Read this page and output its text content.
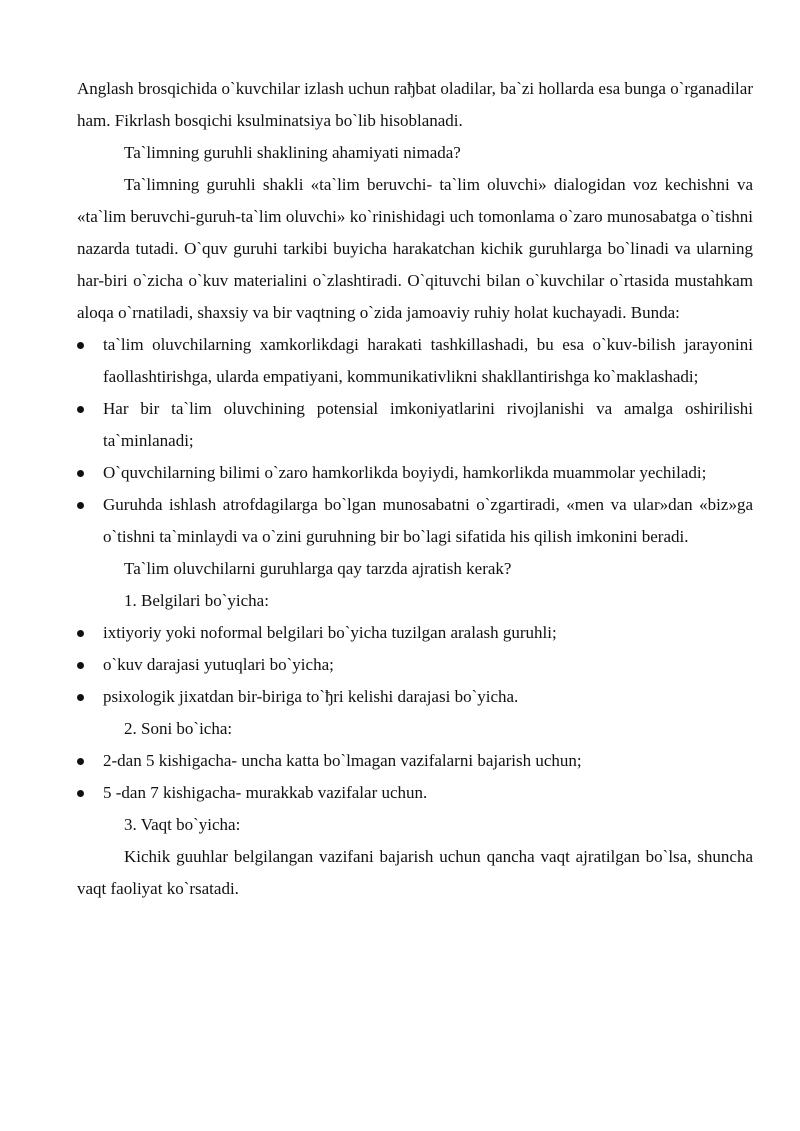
Anglash brosqichida o`kuvchilar izlash uchun raђbat oladilar, ba`zi hollarda esa bunga o`rganadilar ham. Fikrlash bosqichi ksulminatsiya bo`lib hisoblanadi.

Ta`limning guruhli shaklining ahamiyati nimada?

Ta`limning guruhli shakli «ta`lim beruvchi- ta`lim oluvchi» dialogidan voz kechishni va «ta`lim beruvchi-guruh-ta`lim oluvchi» ko`rinishidagi uch tomonlama o`zaro munosabatga o`tishni nazarda tutadi. O`quv guruhi tarkibi buyicha harakatchan kichik guruhlarga bo`linadi va ularning har-biri o`zicha o`kuv materialini o`zlashtiradi. O`qituvchi bilan o`kuvchilar o`rtasida mustahkam aloqa o`rnatiladi, shaxsiy va bir vaqtning o`zida jamoaviy ruhiy holat kuchayadi. Bunda:

ta`lim oluvchilarning xamkorlikdagi harakati tashkillashadi, bu esa o`kuv-bilish jarayonini faollashtirishga, ularda empatiyani, kommunikativlikni shakllantirishga ko`maklashadi;
Har bir ta`lim oluvchining potensial imkoniyatlarini rivojlanishi va amalga oshirilishi ta`minlanadi;
O`quvchilarning bilimi o`zaro hamkorlikda boyiydi, hamkorlikda muammolar yechiladi;
Guruhda ishlash atrofdagilarga bo`lgan munosabatni o`zgartiradi, «men va ular»dan «biz»ga o`tishni ta`minlaydi va o`zini guruhning bir bo`lagi sifatida his qilish imkonini beradi.

Ta`lim oluvchilarni guruhlarga qay tarzda ajratish kerak?

1. Belgilari bo`yicha:

ixtiyoriy yoki noformal belgilari bo`yicha tuzilgan aralash guruhli;
o`kuv darajasi yutuqlari bo`yicha;
psixologik jixatdan bir-biriga to`ђri kelishi darajasi bo`yicha.

2. Soni bo`icha:

2-dan 5 kishigacha- uncha katta bo`lmagan vazifalarni bajarish uchun;
5 -dan 7 kishigacha- murakkab vazifalar uchun.

3. Vaqt bo`yicha:

Kichik guuhlar belgilangan vazifani bajarish uchun qancha vaqt ajratilgan bo`lsa, shuncha vaqt faoliyat ko`rsatadi.
